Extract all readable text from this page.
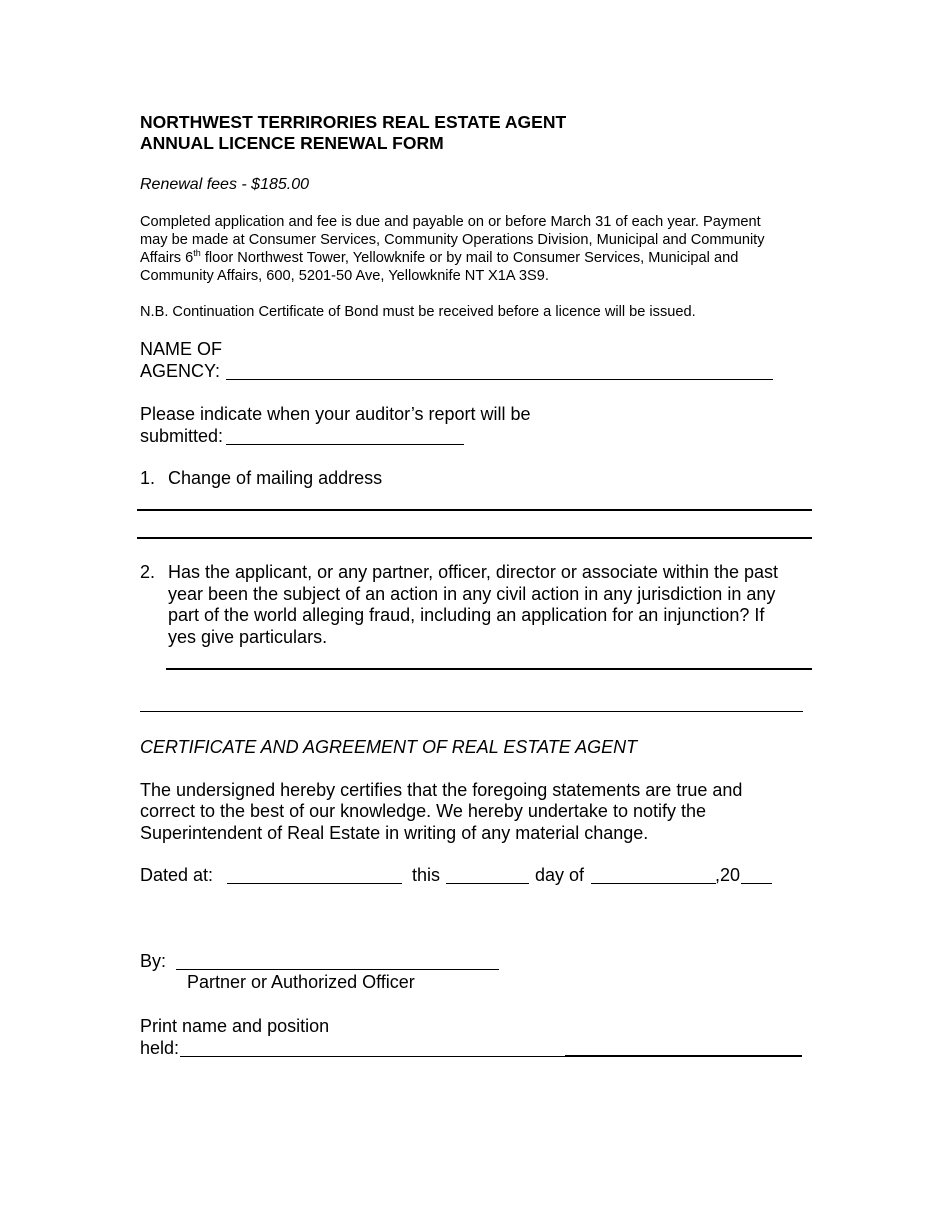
NORTHWEST TERRIRORIES REAL ESTATE AGENT
ANNUAL LICENCE RENEWAL FORM
Renewal fees - $185.00
Completed application and fee is due and payable on or before March 31 of each year. Payment
may be made at Consumer Services, Community Operations Division, Municipal and Community
Affairs 6th floor Northwest Tower, Yellowknife or by mail to Consumer Services, Municipal and
Community Affairs, 600, 5201-50 Ave, Yellowknife NT X1A 3S9.
N.B. Continuation Certificate of Bond must be received before a licence will be issued.
NAME OF
AGENCY:
Please indicate when your auditor’s report will be
submitted:
1. Change of mailing address
2. Has the applicant, or any partner, officer, director or associate within the past
year been the subject of an action in any civil action in any jurisdiction in any
part of the world alleging fraud, including an application for an injunction? If
yes give particulars.
CERTIFICATE AND AGREEMENT OF REAL ESTATE AGENT
The undersigned hereby certifies that the foregoing statements are true and
correct to the best of our knowledge. We hereby undertake to notify the
Superintendent of Real Estate in writing of any material change.
Dated at:	this	day of	,20
By:
Partner or Authorized Officer
Print name and position
held:
